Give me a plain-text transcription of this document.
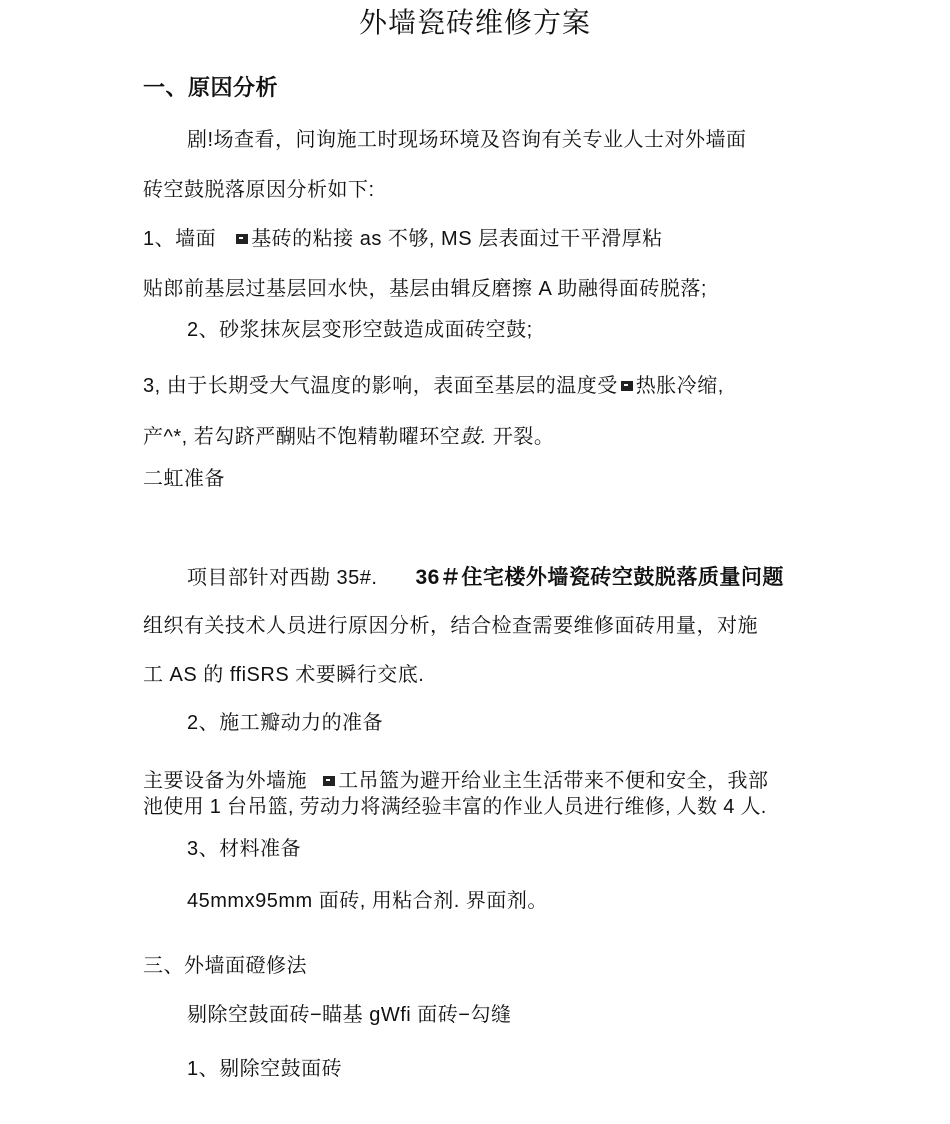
外墙瓷砖维修方案
一、原因分析
剧!场查看，问询施工时现场环境及咨询有关专业人士对外墙面
砖空鼓脱落原因分析如下:
1、墙面 基砖的粘接 as 不够, MS 层表面过干平滑厚粘
贴郎前基层过基层回水快，基层由辑反磨擦 A 助融得面砖脱落;
2、砂浆抹灰层变形空鼓造成面砖空鼓;
3, 由于长期受大气温度的影响，表面至基层的温度受 热胀冷缩,
产^*, 若勾跻严醐贴不饱精勒曜环空鼓. 开裂。
二虹准备
项目部针对西勘 35#. 36＃住宅楼外墙瓷砖空鼓脱落质量问题
组织有关技术人员进行原因分析，结合检查需要维修面砖用量，对施
工 AS 的 ffiSRS 术要瞬行交底.
2、施工瓣动力的准备
主要设备为外墙施 工吊篮为避开给业主生活带来不便和安全，我部
池使用 1 台吊篮, 劳动力将满经验丰富的作业人员进行维修, 人数 4 人.
3、材料准备
45mmx95mm 面砖, 用粘合剂. 界面剂。
三、外墙面磴修法
剔除空鼓面砖−瞄基 gWfi 面砖−勾缝
1、剔除空鼓面砖
